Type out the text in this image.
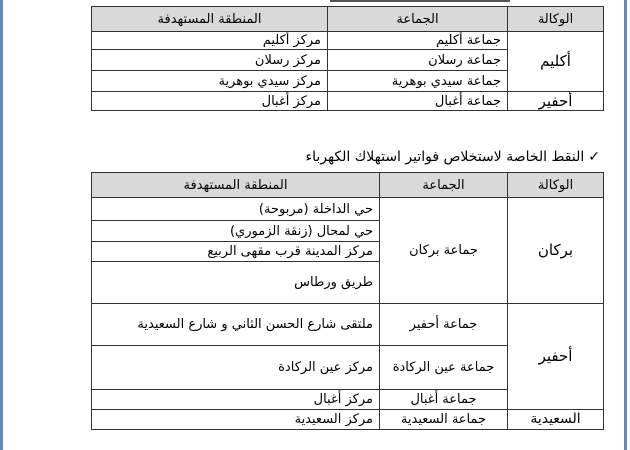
الوكالة	الجماعة	المنطقة المستهدفة
أكليم	جماعة أكليم	مركز أكليم
	جماعة رسلان	مركز رسلان
	جماعة سيدي بوهرية	مركز سيدي بوهرية
أحفير	جماعة أغبال	مركز أغبال
✓النقط الخاصة لاستخلاص فواتير استهلاك الكهرباء
الوكالة	الجماعة	المنطقة المستهدفة
بركان	جماعة بركان	حي الداخلة (مربوحة)
		حي لمحال (زنقة الزموري)
		مركز المدينة قرب مقهى الربيع
		طريق ورطاس
أحفير	جماعة أحفير	ملتقى شارع الحسن الثاني و شارع السعيدية
	جماعة عين الركادة	مركز عين الركادة
	جماعة أغبال	مركز أغبال
السعيدية	جماعة السعيدية	مركز السعيدية
